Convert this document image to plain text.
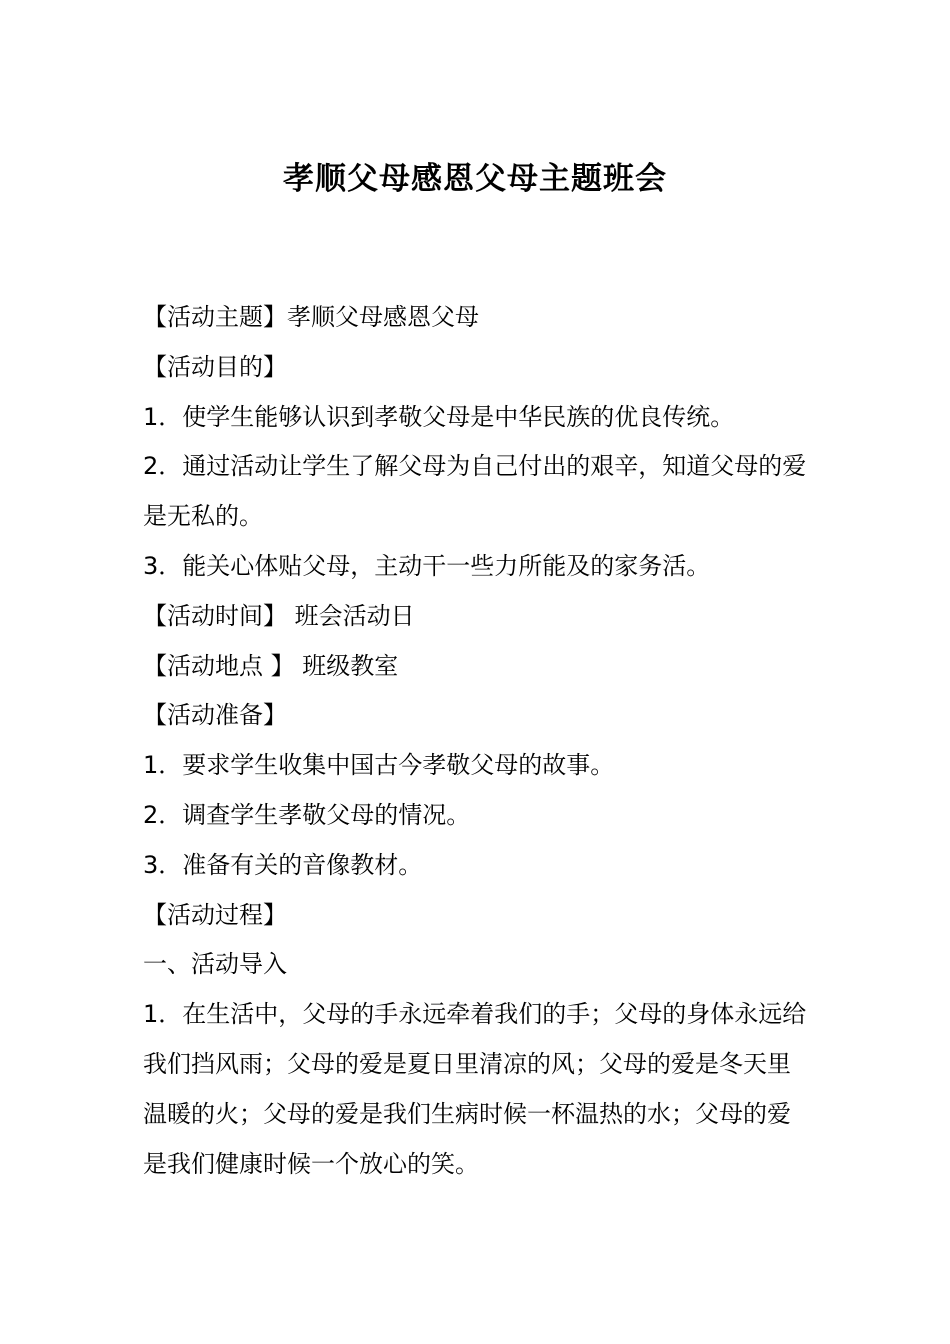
孝顺父母感恩父母主题班会

【活动主题】孝顺父母感恩父母

【活动目的】

1．使学生能够认识到孝敬父母是中华民族的优良传统。

2．通过活动让学生了解父母为自己付出的艰辛，知道父母的爱是无私的。

3．能关心体贴父母，主动干一些力所能及的家务活。

【活动时间】 班会活动日

【活动地点 】 班级教室

【活动准备】

1．要求学生收集中国古今孝敬父母的故事。

2．调查学生孝敬父母的情况。

3．准备有关的音像教材。

【活动过程】

一、活动导入

1．在生活中，父母的手永远牵着我们的手；父母的身体永远给我们挡风雨；父母的爱是夏日里清凉的风；父母的爱是冬天里温暖的火；父母的爱是我们生病时候一杯温热的水；父母的爱是我们健康时候一个放心的笑。
